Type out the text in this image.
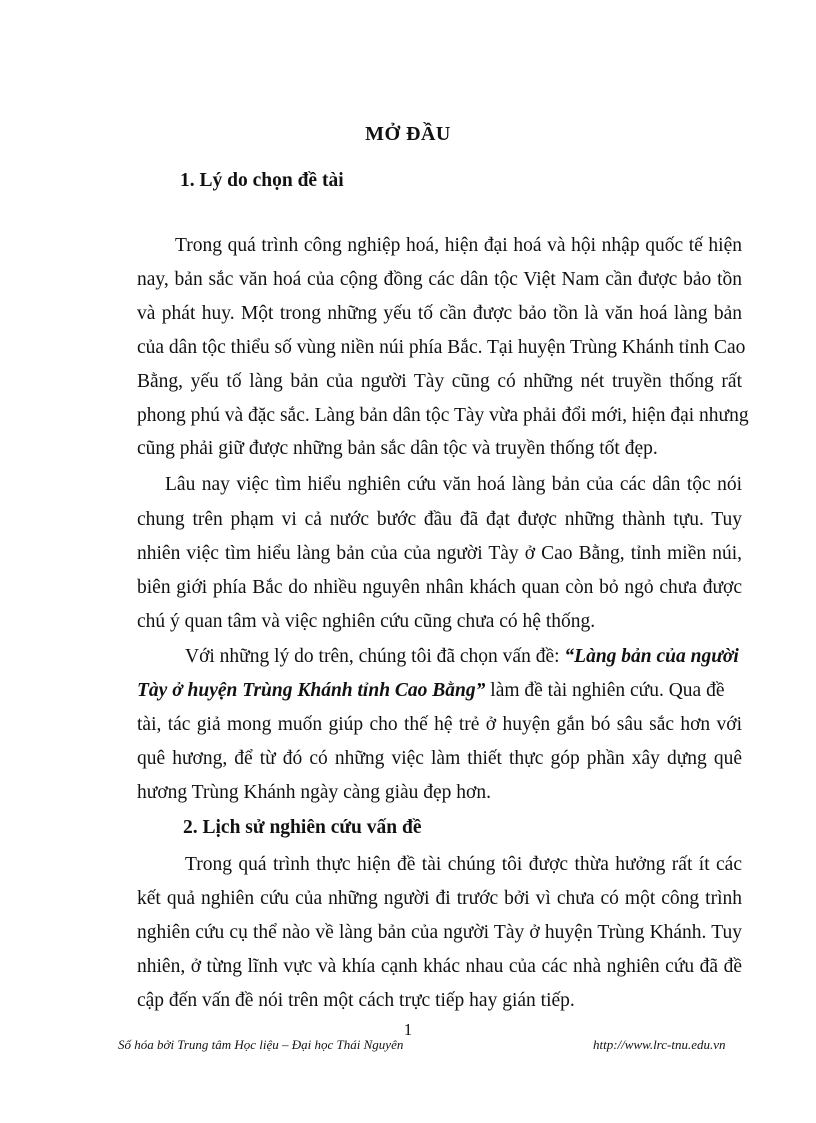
MỞ ĐẦU
1. Lý do chọn đề tài
Trong quá trình công nghiệp hoá, hiện đại hoá và hội nhập quốc tế hiện
nay, bản sắc văn hoá của cộng đồng các dân tộc Việt Nam cần được bảo tồn
và phát huy. Một trong những yếu tố cần được bảo tồn là văn hoá làng bản
của dân tộc thiểu số vùng niền núi phía Bắc. Tại huyện Trùng Khánh tỉnh Cao
Bằng, yếu tố làng bản của người Tày cũng có những nét truyền thống rất
phong phú và đặc sắc. Làng bản dân tộc Tày vừa phải đổi mới, hiện đại nhưng
cũng phải giữ được những bản sắc dân tộc và truyền thống tốt đẹp.
Lâu nay việc tìm hiểu nghiên cứu văn hoá làng bản của các dân tộc nói
chung trên phạm vi cả nước bước đầu đã đạt được những thành tựu. Tuy
nhiên việc tìm hiểu làng bản của của người Tày ở Cao Bằng, tỉnh miền núi,
biên giới phía Bắc do nhiều nguyên nhân khách quan còn bỏ ngỏ chưa được
chú ý quan tâm và việc nghiên cứu cũng chưa có hệ thống.
Với những lý do trên, chúng tôi đã chọn vấn đề: “Làng bản của người
Tày ở huyện Trùng Khánh tỉnh Cao Bằng” làm đề tài nghiên cứu. Qua đề
tài, tác giả mong muốn giúp cho thế hệ trẻ ở huyện gắn bó sâu sắc hơn với
quê hương, để từ đó có những việc làm thiết thực góp phần xây dựng quê
hương Trùng Khánh ngày càng giàu đẹp hơn.
2. Lịch sử nghiên cứu vấn đề
Trong quá trình thực hiện đề tài chúng tôi được thừa hưởng rất ít các
kết quả nghiên cứu của những người đi trước bởi vì chưa có một công trình
nghiên cứu cụ thể nào về làng bản của người Tày ở huyện Trùng Khánh. Tuy
nhiên, ở từng lĩnh vực và khía cạnh khác nhau của các nhà nghiên cứu đã đề
cập đến vấn đề nói trên một cách trực tiếp hay gián tiếp.
1
Số hóa bởi Trung tâm Học liệu – Đại học Thái Nguyên	http://www.lrc-tnu.edu.vn
